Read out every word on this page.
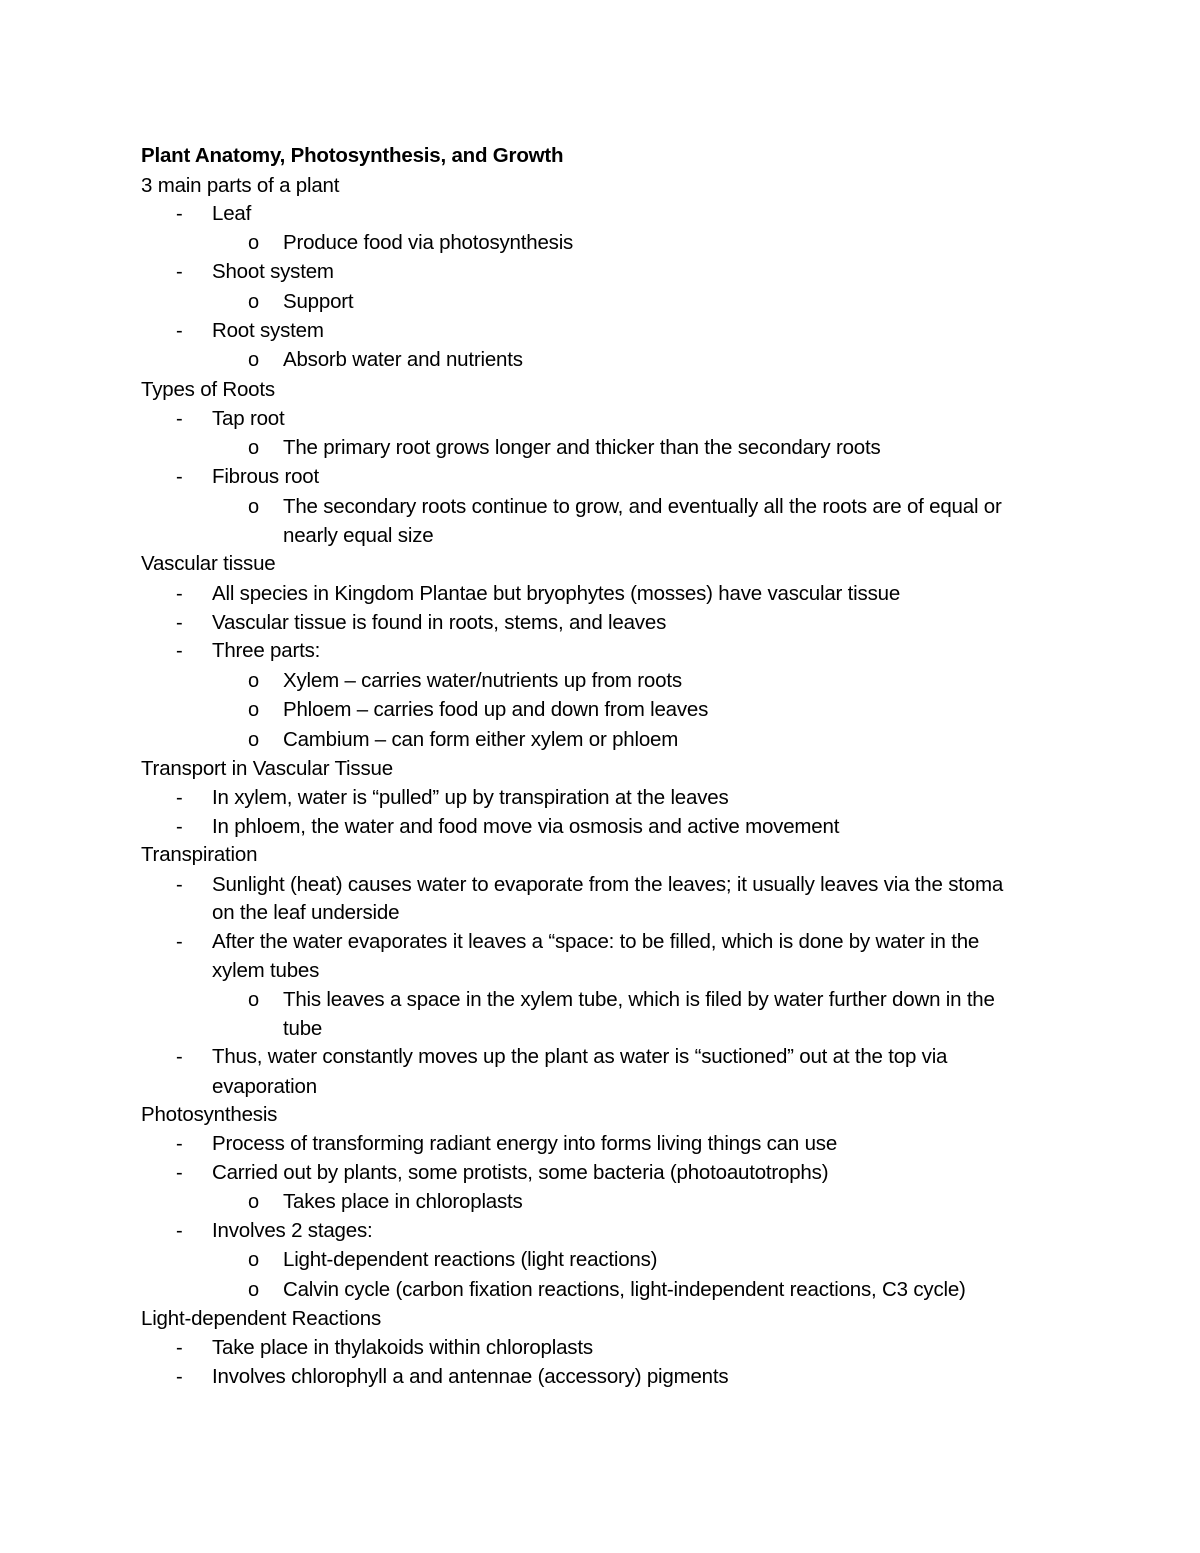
Plant Anatomy, Photosynthesis, and Growth
3 main parts of a plant
- Leaf
o Produce food via photosynthesis
- Shoot system
o Support
- Root system
o Absorb water and nutrients
Types of Roots
- Tap root
o The primary root grows longer and thicker than the secondary roots
- Fibrous root
o The secondary roots continue to grow, and eventually all the roots are of equal or
nearly equal size
Vascular tissue
- All species in Kingdom Plantae but bryophytes (mosses) have vascular tissue
- Vascular tissue is found in roots, stems, and leaves
- Three parts:
o Xylem – carries water/nutrients up from roots
o Phloem – carries food up and down from leaves
o Cambium – can form either xylem or phloem
Transport in Vascular Tissue
- In xylem, water is “pulled” up by transpiration at the leaves
- In phloem, the water and food move via osmosis and active movement
Transpiration
- Sunlight (heat) causes water to evaporate from the leaves; it usually leaves via the stoma
on the leaf underside
- After the water evaporates it leaves a “space: to be filled, which is done by water in the
xylem tubes
o This leaves a space in the xylem tube, which is filed by water further down in the
tube
- Thus, water constantly moves up the plant as water is “suctioned” out at the top via
evaporation
Photosynthesis
- Process of transforming radiant energy into forms living things can use
- Carried out by plants, some protists, some bacteria (photoautotrophs)
o Takes place in chloroplasts
- Involves 2 stages:
o Light-dependent reactions (light reactions)
o Calvin cycle (carbon fixation reactions, light-independent reactions, C3 cycle)
Light-dependent Reactions
- Take place in thylakoids within chloroplasts
- Involves chlorophyll a and antennae (accessory) pigments
